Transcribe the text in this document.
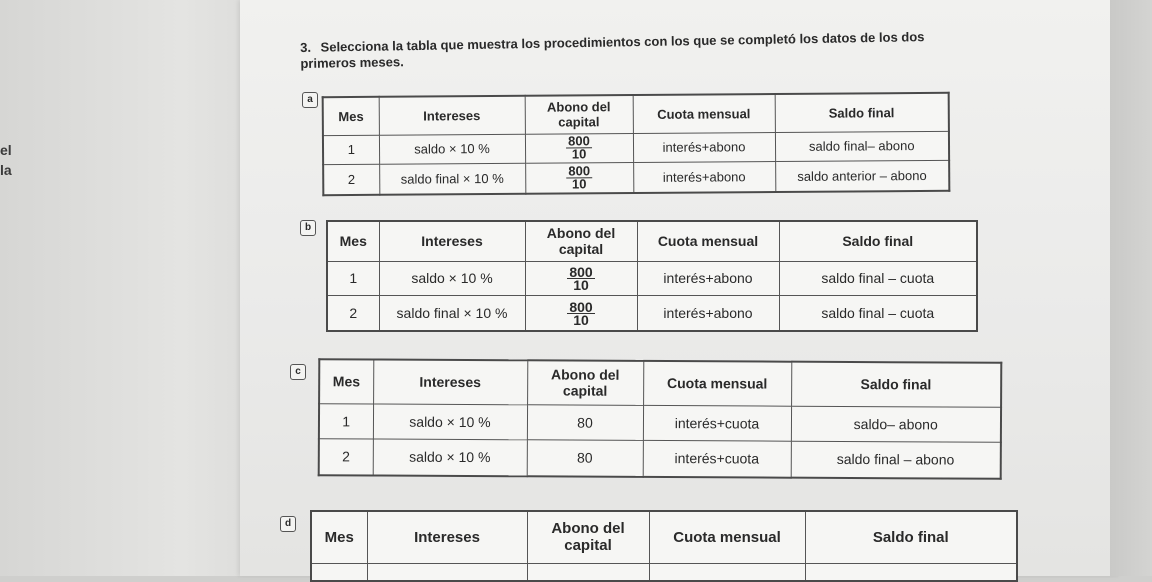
el
la
3. Selecciona la tabla que muestra los procedimientos con los que se completó los datos de los dos primeros meses.
a
Mes	Intereses	Abono del capital	Cuota mensual	Saldo final
1	saldo × 10 %	$\frac{800}{10}$	interés+abono	saldo final– abono
2	saldo final × 10 %	$\frac{800}{10}$	interés+abono	saldo anterior – abono
b
Mes	Intereses	Abono del capital	Cuota mensual	Saldo final
1	saldo × 10 %	$\frac{800}{10}$	interés+abono	saldo final – cuota
2	saldo final × 10 %	$\frac{800}{10}$	interés+abono	saldo final – cuota
c
Mes	Intereses	Abono del capital	Cuota mensual	Saldo final
1	saldo × 10 %	80	interés+cuota	saldo– abono
2	saldo × 10 %	80	interés+cuota	saldo final – abono
d
Mes	Intereses	Abono del capital	Cuota mensual	Saldo final
